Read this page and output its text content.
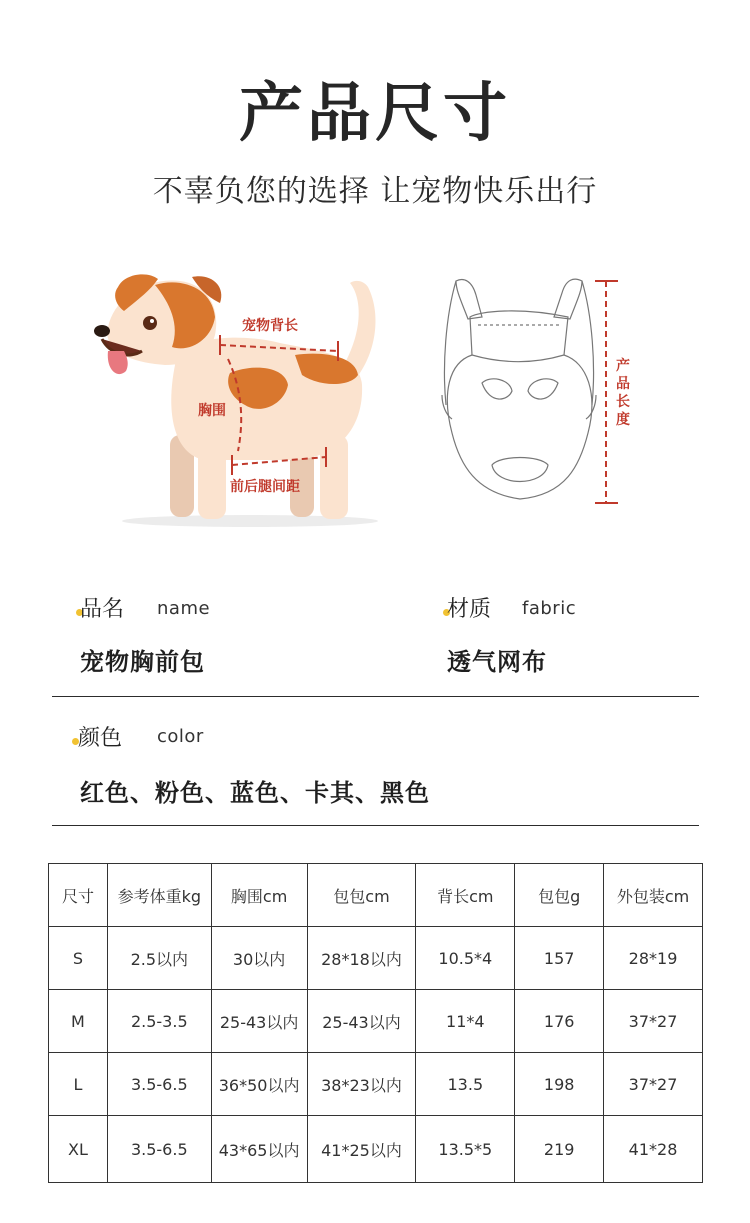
产品尺寸
不辜负您的选择 让宠物快乐出行
宠物背长
胸围
前后腿间距
产
品
长
度
品名 name
宠物胸前包
材质 fabric
透气网布
颜色 color
红色、粉色、蓝色、卡其、黑色
尺寸	参考体重kg	胸围cm	包包cm	背长cm	包包g	外包装cm
S	2.5以内	30以内	28*18以内	10.5*4	157	28*19
M	2.5-3.5	25-43以内	25-43以内	11*4	176	37*27
L	3.5-6.5	36*50以内	38*23以内	13.5	198	37*27
XL	3.5-6.5	43*65以内	41*25以内	13.5*5	219	41*28
